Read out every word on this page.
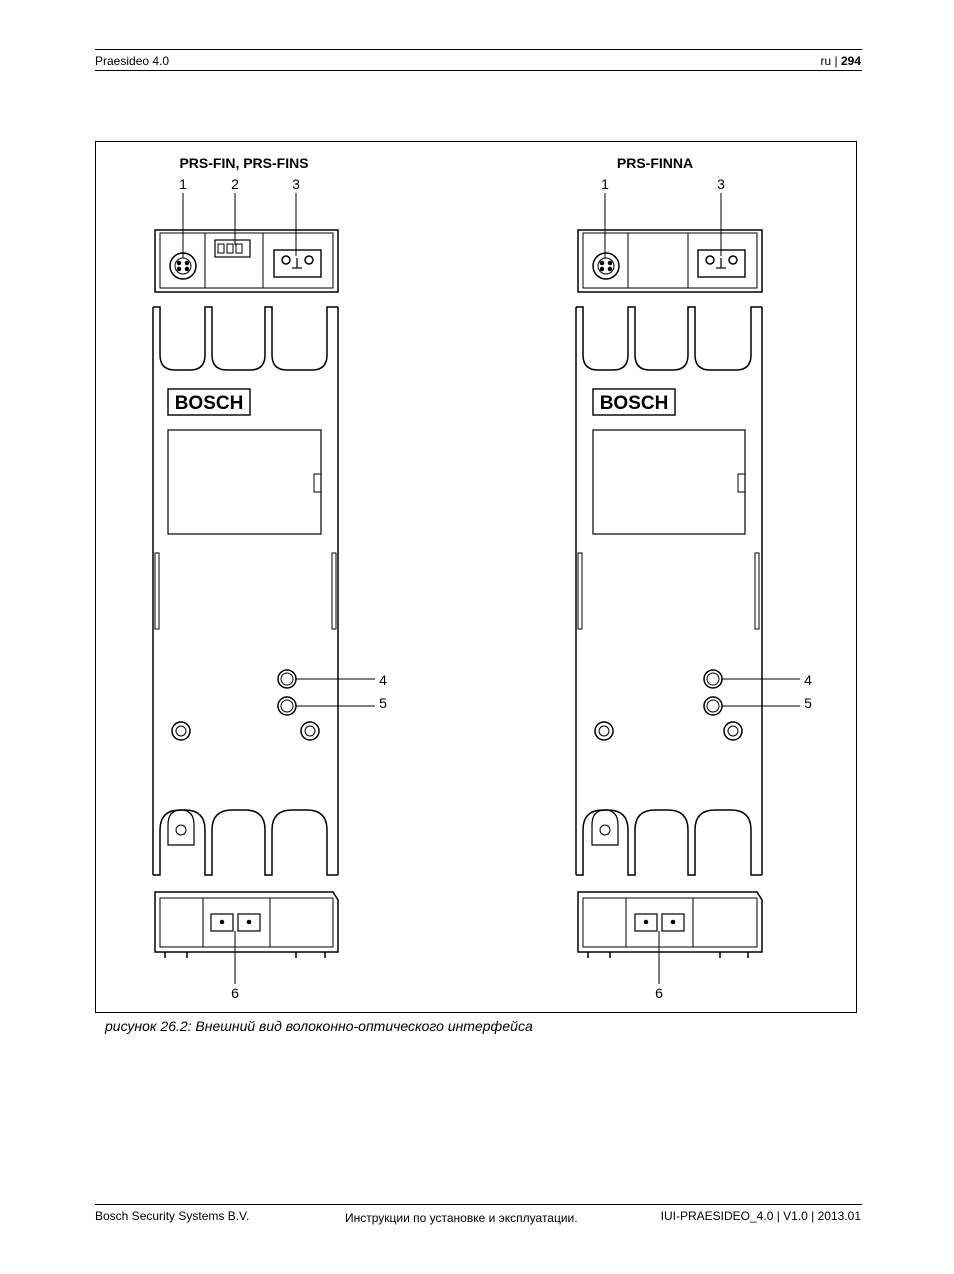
Praesideo 4.0	ru | 294
PRS-FIN, PRS-FINS	PRS-FINNA
1	2	3
BOSCH
4
5
6
1	3
BOSCH
4
5
6
рисунок 26.2: Внешний вид волоконно-оптического интерфейса
Bosch Security Systems B.V.	Инструкции по установке и эксплуатации.	IUI-PRAESIDEO_4.0 | V1.0 | 2013.01
